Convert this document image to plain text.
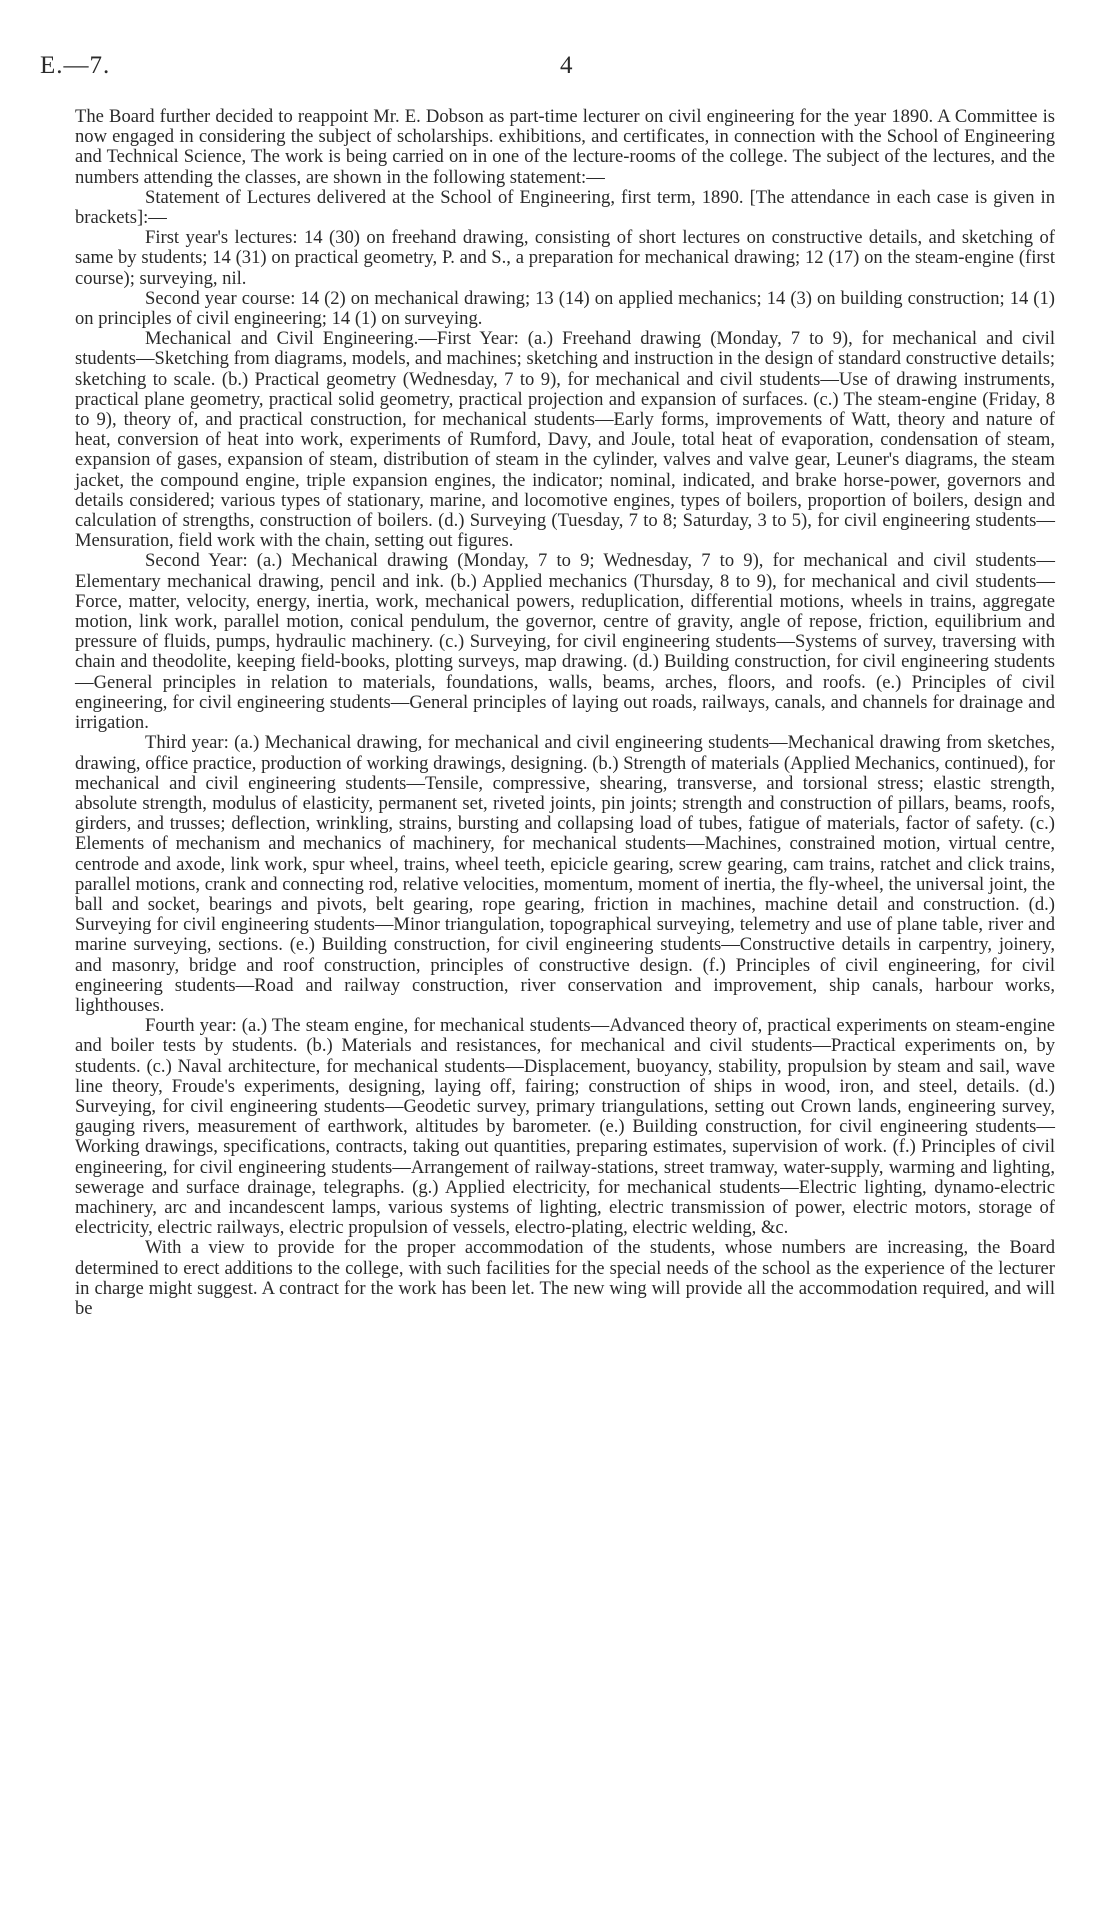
E.—7.	4

The Board further decided to reappoint Mr. E. Dobson as part-time lecturer on civil engineering for the year 1890. A Committee is now engaged in considering the subject of scholarships. exhibitions, and certificates, in connection with the School of Engineering and Technical Science, The work is being carried on in one of the lecture-rooms of the college. The subject of the lectures, and the numbers attending the classes, are shown in the following statement:—

Statement of Lectures delivered at the School of Engineering, first term, 1890. [The attendance in each case is given in brackets]:—

First year's lectures: 14 (30) on freehand drawing, consisting of short lectures on constructive details, and sketching of same by students; 14 (31) on practical geometry, P. and S., a preparation for mechanical drawing; 12 (17) on the steam-engine (first course); surveying, nil.

Second year course: 14 (2) on mechanical drawing; 13 (14) on applied mechanics; 14 (3) on building construction; 14 (1) on principles of civil engineering; 14 (1) on surveying.

Mechanical and Civil Engineering.—First Year: (a.) Freehand drawing (Monday, 7 to 9), for mechanical and civil students—Sketching from diagrams, models, and machines; sketching and instruction in the design of standard constructive details; sketching to scale. (b.) Practical geometry (Wednesday, 7 to 9), for mechanical and civil students—Use of drawing instruments, practical plane geometry, practical solid geometry, practical projection and expansion of surfaces. (c.) The steam-engine (Friday, 8 to 9), theory of, and practical construction, for mechanical students—Early forms, improvements of Watt, theory and nature of heat, conversion of heat into work, experiments of Rumford, Davy, and Joule, total heat of evaporation, condensation of steam, expansion of gases, expansion of steam, distribution of steam in the cylinder, valves and valve gear, Leuner's diagrams, the steam jacket, the compound engine, triple expansion engines, the indicator; nominal, indicated, and brake horse-power, governors and details considered; various types of stationary, marine, and locomotive engines, types of boilers, proportion of boilers, design and calculation of strengths, construction of boilers. (d.) Surveying (Tuesday, 7 to 8; Saturday, 3 to 5), for civil engineering students—Mensuration, field work with the chain, setting out figures.

Second Year: (a.) Mechanical drawing (Monday, 7 to 9; Wednesday, 7 to 9), for mechanical and civil students—Elementary mechanical drawing, pencil and ink. (b.) Applied mechanics (Thursday, 8 to 9), for mechanical and civil students—Force, matter, velocity, energy, inertia, work, mechanical powers, reduplication, differential motions, wheels in trains, aggregate motion, link work, parallel motion, conical pendulum, the governor, centre of gravity, angle of repose, friction, equilibrium and pressure of fluids, pumps, hydraulic machinery. (c.) Surveying, for civil engineering students—Systems of survey, traversing with chain and theodolite, keeping field-books, plotting surveys, map drawing. (d.) Building construction, for civil engineering students—General principles in relation to materials, foundations, walls, beams, arches, floors, and roofs. (e.) Principles of civil engineering, for civil engineering students—General principles of laying out roads, railways, canals, and channels for drainage and irrigation.

Third year: (a.) Mechanical drawing, for mechanical and civil engineering students—Mechanical drawing from sketches, drawing, office practice, production of working drawings, designing. (b.) Strength of materials (Applied Mechanics, continued), for mechanical and civil engineering students—Tensile, compressive, shearing, transverse, and torsional stress; elastic strength, absolute strength, modulus of elasticity, permanent set, riveted joints, pin joints; strength and construction of pillars, beams, roofs, girders, and trusses; deflection, wrinkling, strains, bursting and collapsing load of tubes, fatigue of materials, factor of safety. (c.) Elements of mechanism and mechanics of machinery, for mechanical students—Machines, constrained motion, virtual centre, centrode and axode, link work, spur wheel, trains, wheel teeth, epicicle gearing, screw gearing, cam trains, ratchet and click trains, parallel motions, crank and connecting rod, relative velocities, momentum, moment of inertia, the fly-wheel, the universal joint, the ball and socket, bearings and pivots, belt gearing, rope gearing, friction in machines, machine detail and construction. (d.) Surveying for civil engineering students—Minor triangulation, topographical surveying, telemetry and use of plane table, river and marine surveying, sections. (e.) Building construction, for civil engineering students—Constructive details in carpentry, joinery, and masonry, bridge and roof construction, principles of constructive design. (f.) Principles of civil engineering, for civil engineering students—Road and railway construction, river conservation and improvement, ship canals, harbour works, lighthouses.

Fourth year: (a.) The steam engine, for mechanical students—Advanced theory of, practical experiments on steam-engine and boiler tests by students. (b.) Materials and resistances, for mechanical and civil students—Practical experiments on, by students. (c.) Naval architecture, for mechanical students—Displacement, buoyancy, stability, propulsion by steam and sail, wave line theory, Froude's experiments, designing, laying off, fairing; construction of ships in wood, iron, and steel, details. (d.) Surveying, for civil engineering students—Geodetic survey, primary triangulations, setting out Crown lands, engineering survey, gauging rivers, measurement of earthwork, altitudes by barometer. (e.) Building construction, for civil engineering students—Working drawings, specifications, contracts, taking out quantities, preparing estimates, supervision of work. (f.) Principles of civil engineering, for civil engineering students—Arrangement of railway-stations, street tramway, water-supply, warming and lighting, sewerage and surface drainage, telegraphs. (g.) Applied electricity, for mechanical students—Electric lighting, dynamo-electric machinery, arc and incandescent lamps, various systems of lighting, electric transmission of power, electric motors, storage of electricity, electric railways, electric propulsion of vessels, electro-plating, electric welding, &c.

With a view to provide for the proper accommodation of the students, whose numbers are increasing, the Board determined to erect additions to the college, with such facilities for the special needs of the school as the experience of the lecturer in charge might suggest. A contract for the work has been let. The new wing will provide all the accommodation required, and will be
